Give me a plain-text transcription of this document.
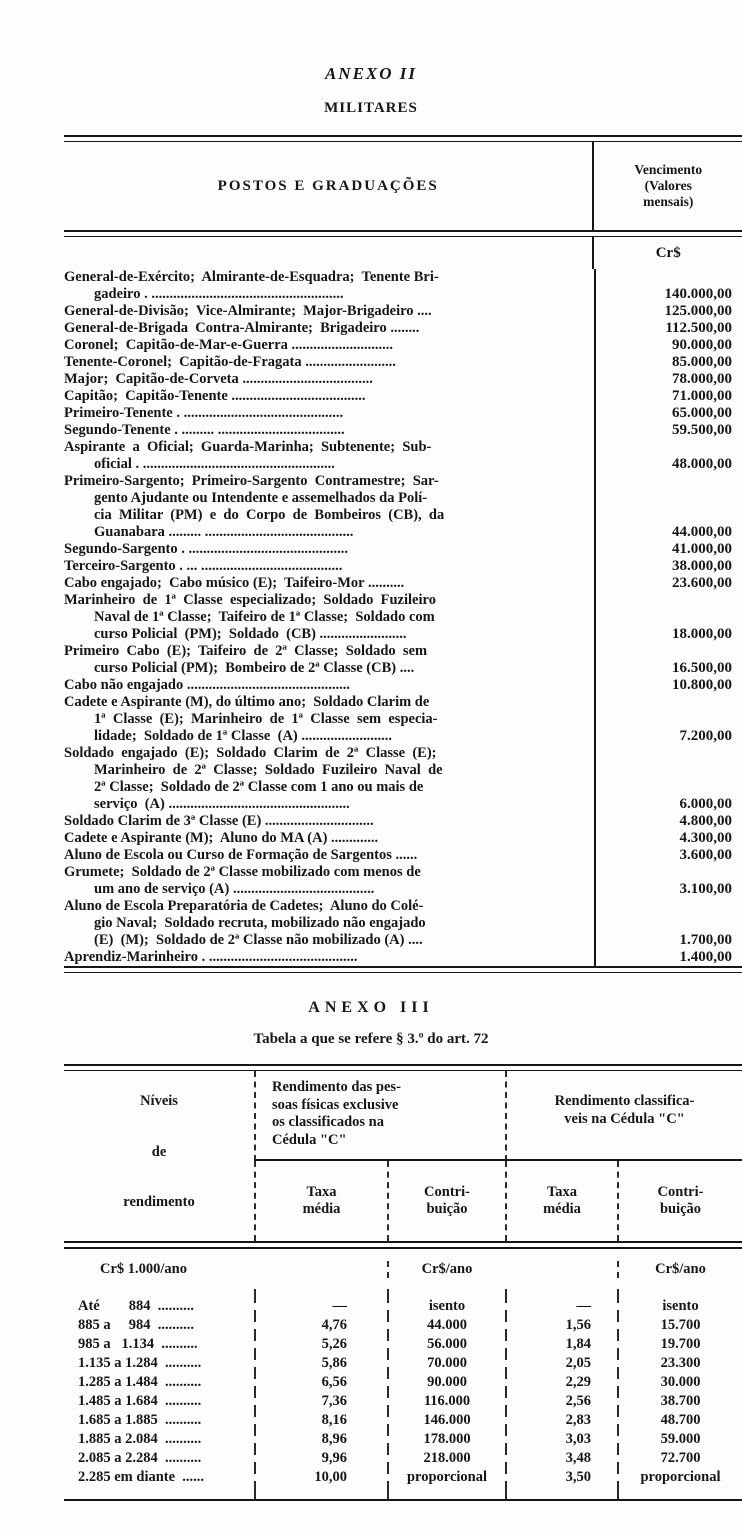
ANEXO II
MILITARES
POSTOS E GRADUAÇÕES
Vencimento
(Valores
mensais)
Cr$
General-de-Exército;  Almirante-de-Esquadra;  Tenente Bri-
gadeiro . .....................................................	140.000,00
General-de-Divisão;  Vice-Almirante;  Major-Brigadeiro ....	125.000,00
General-de-Brigada  Contra-Almirante;  Brigadeiro ........	112.500,00
Coronel;  Capitão-de-Mar-e-Guerra ............................	90.000,00
Tenente-Coronel;  Capitão-de-Fragata .........................	85.000,00
Major;  Capitão-de-Corveta ....................................	78.000,00
Capitão;  Capitão-Tenente .....................................	71.000,00
Primeiro-Tenente . ............................................	65.000,00
Segundo-Tenente . ......... ...................................	59.500,00
Aspirante  a  Oficial;  Guarda-Marinha;  Subtenente;  Sub-
oficial . .....................................................	48.000,00
Primeiro-Sargento;  Primeiro-Sargento  Contramestre;  Sar-
gento Ajudante ou Intendente e assemelhados da Polí-
cia  Militar  (PM)  e  do  Corpo  de  Bombeiros  (CB),  da
Guanabara ......... .........................................	44.000,00
Segundo-Sargento . ............................................	41.000,00
Terceiro-Sargento . ... .......................................	38.000,00
Cabo engajado;  Cabo músico (E);  Taifeiro-Mor ..........	23.600,00
Marinheiro  de  1ª  Classe  especializado;  Soldado  Fuzileiro
Naval de 1ª Classe;  Taifeiro de 1ª Classe;  Soldado com
curso Policial  (PM);  Soldado  (CB) ........................	18.000,00
Primeiro  Cabo  (E);  Taifeiro  de  2ª  Classe;  Soldado  sem
curso Policial (PM);  Bombeiro de 2ª Classe (CB) ....	16.500,00
Cabo não engajado .............................................	10.800,00
Cadete e Aspirante (M), do último ano;  Soldado Clarim de
1ª  Classe  (E);  Marinheiro  de  1ª  Classe  sem  especia-
lidade;  Soldado de 1ª Classe  (A) .........................	7.200,00
Soldado  engajado  (E);  Soldado  Clarim  de  2ª  Classe  (E);
Marinheiro  de  2ª  Classe;  Soldado  Fuzileiro  Naval  de
2ª Classe;  Soldado de 2ª Classe com 1 ano ou mais de
serviço  (A) ..................................................	6.000,00
Soldado Clarim de 3ª Classe (E) ..............................	4.800,00
Cadete e Aspirante (M);  Aluno do MA (A) .............	4.300,00
Aluno de Escola ou Curso de Formação de Sargentos ......	3.600,00
Grumete;  Soldado de 2ª Classe mobilizado com menos de
um ano de serviço (A) .......................................	3.100,00
Aluno de Escola Preparatória de Cadetes;  Aluno do Colé-
gio Naval;  Soldado recruta, mobilizado não engajado
(E)  (M);  Soldado de 2ª Classe não mobilizado (A) ....	1.700,00
Aprendiz-Marinheiro . .........................................	1.400,00
ANEXO III
Tabela a que se refere § 3.º do art. 72
Níveis
de
rendimento
Rendimento das pes-
soas físicas exclusive
os classificados na
Cédula "C"
Rendimento classifica-
veis na Cédula "C"
Taxa
média
Contri-
buição
Taxa
média
Contri-
buição
Cr$ 1.000/ano	Cr$/ano	Cr$/ano
Até        884  ..........	—	isento	—	isento
885 a     984  ..........	4,76	44.000	1,56	15.700
985 a   1.134  ..........	5,26	56.000	1,84	19.700
1.135 a 1.284  ..........	5,86	70.000	2,05	23.300
1.285 a 1.484  ..........	6,56	90.000	2,29	30.000
1.485 a 1.684  ..........	7,36	116.000	2,56	38.700
1.685 a 1.885  ..........	8,16	146.000	2,83	48.700
1.885 a 2.084  ..........	8,96	178.000	3,03	59.000
2.085 a 2.284  ..........	9,96	218.000	3,48	72.700
2.285 em diante  ......	10,00	proporcional	3,50	proporcional
